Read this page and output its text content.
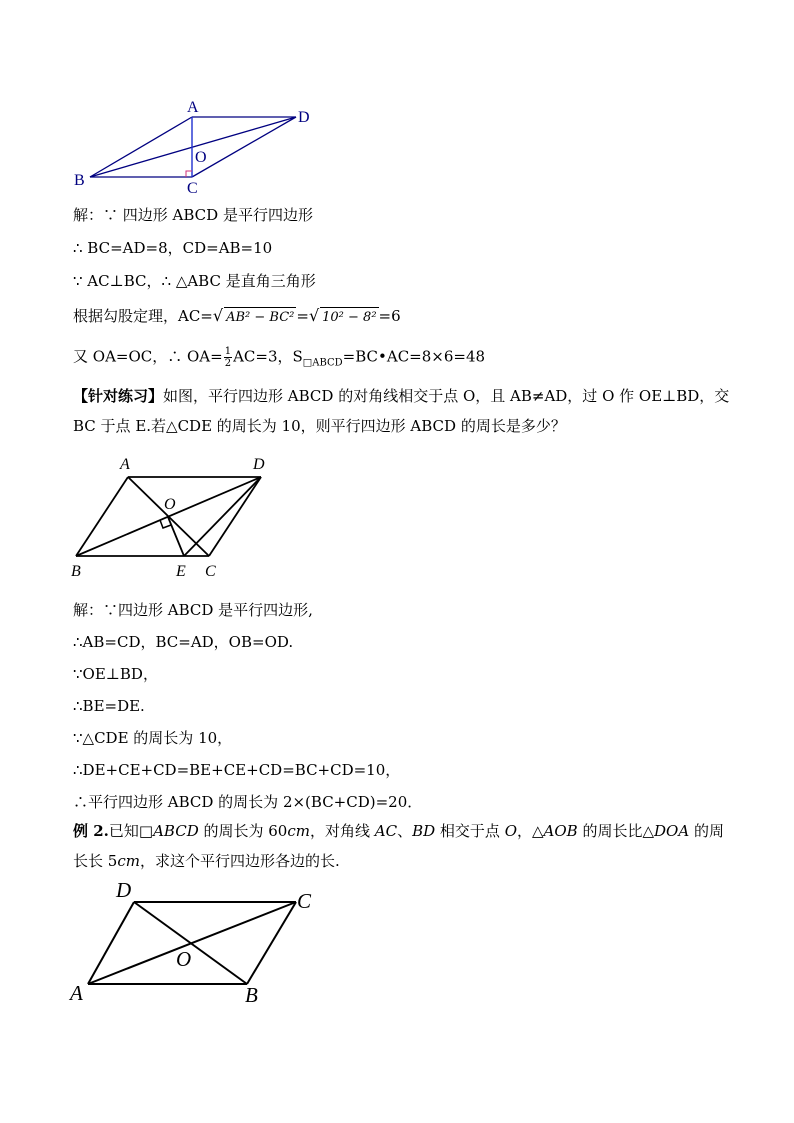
A
D
O
B	C
解：∵ 四边形 ABCD 是平行四边形
∴ BC=AD=8，CD=AB=10
∵ AC⊥BC，∴ △ABC 是直角三角形
根据勾股定理，AC=√ AB² − BC² =√ 10² − 8² =6
又 OA=OC，∴ $OA= \frac{1}{2} AC=3$，$S_{□ABCD}=BC•AC=8\times 6=48$
【针对练习】如图，平行四边形 ABCD 的对角线相交于点 O，且 AB≠AD，过 O 作 OE⊥BD，交 BC 于点 E.若△CDE 的周长为 10，则平行四边形 ABCD 的周长是多少？
A	D
O
B	E C
解：∵四边形 ABCD 是平行四边形,
∴AB=CD，BC=AD，OB=OD.
∵OE⊥BD，
∴BE=DE.
∵△CDE 的周长为 10，
∴DE+CE+CD=BE+CE+CD=BC+CD=10，
∴平行四边形 ABCD 的周长为 2×(BC+CD)=20．
例 2.已知□ABCD 的周长为 60cm，对角线 AC、BD 相交于点 O，△AOB 的周长比△DOA 的周长长 5cm，求这个平行四边形各边的长.
D	C
O
A	B
